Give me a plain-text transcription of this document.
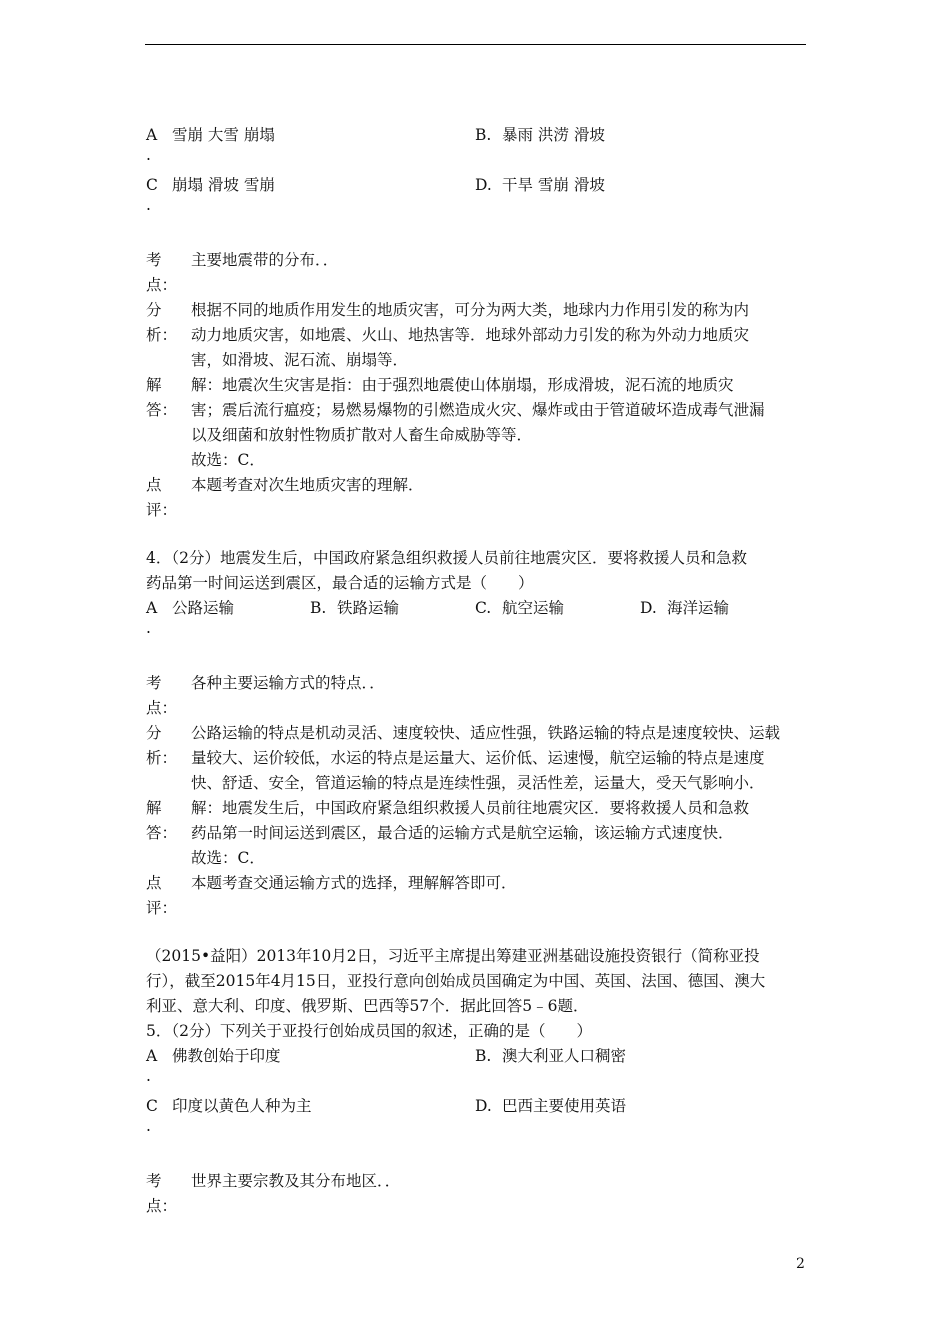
A 雪崩 大雪 崩塌	B. 暴雨 洪涝 滑坡
.
C 崩塌 滑坡 雪崩	D. 干旱 雪崩 滑坡
.
考	主要地震带的分布．．
点：
分	根据不同的地质作用发生的地质灾害，可分为两大类，地球内力作用引发的称为内
析： 动力地质灾害，如地震、火山、地热害等．地球外部动力引发的称为外动力地质灾
害，如滑坡、泥石流、崩塌等．
解	解：地震次生灾害是指：由于强烈地震使山体崩塌，形成滑坡，泥石流的地质灾
答： 害；震后流行瘟疫；易燃易爆物的引燃造成火灾、爆炸或由于管道破坏造成毒气泄漏
以及细菌和放射性物质扩散对人畜生命威胁等等．
故选：C．
点	本题考查对次生地质灾害的理解．
评：
4．（2分）地震发生后，中国政府紧急组织救援人员前往地震灾区．要将救援人员和急救
药品第一时间运送到震区，最合适的运输方式是（　　）
A 公路运输	B. 铁路运输	C. 航空运输	D. 海洋运输
.
考	各种主要运输方式的特点．．
点：
分	公路运输的特点是机动灵活、速度较快、适应性强，铁路运输的特点是速度较快、运载
析： 量较大、运价较低，水运的特点是运量大、运价低、运速慢，航空运输的特点是速度
快、舒适、安全，管道运输的特点是连续性强，灵活性差，运量大，受天气影响小．
解	解：地震发生后，中国政府紧急组织救援人员前往地震灾区．要将救援人员和急救
答： 药品第一时间运送到震区，最合适的运输方式是航空运输，该运输方式速度快．
故选：C．
点	本题考查交通运输方式的选择，理解解答即可．
评：
（2015•益阳）2013年10月2日，习近平主席提出筹建亚洲基础设施投资银行（简称亚投
行），截至2015年4月15日，亚投行意向创始成员国确定为中国、英国、法国、德国、澳大
利亚、意大利、印度、俄罗斯、巴西等57个．据此回答5﹣6题．
5．（2分）下列关于亚投行创始成员国的叙述，正确的是（　　）
A 佛教创始于印度	B. 澳大利亚人口稠密
.
C 印度以黄色人种为主	D. 巴西主要使用英语
.
考	世界主要宗教及其分布地区．．
点：
2
